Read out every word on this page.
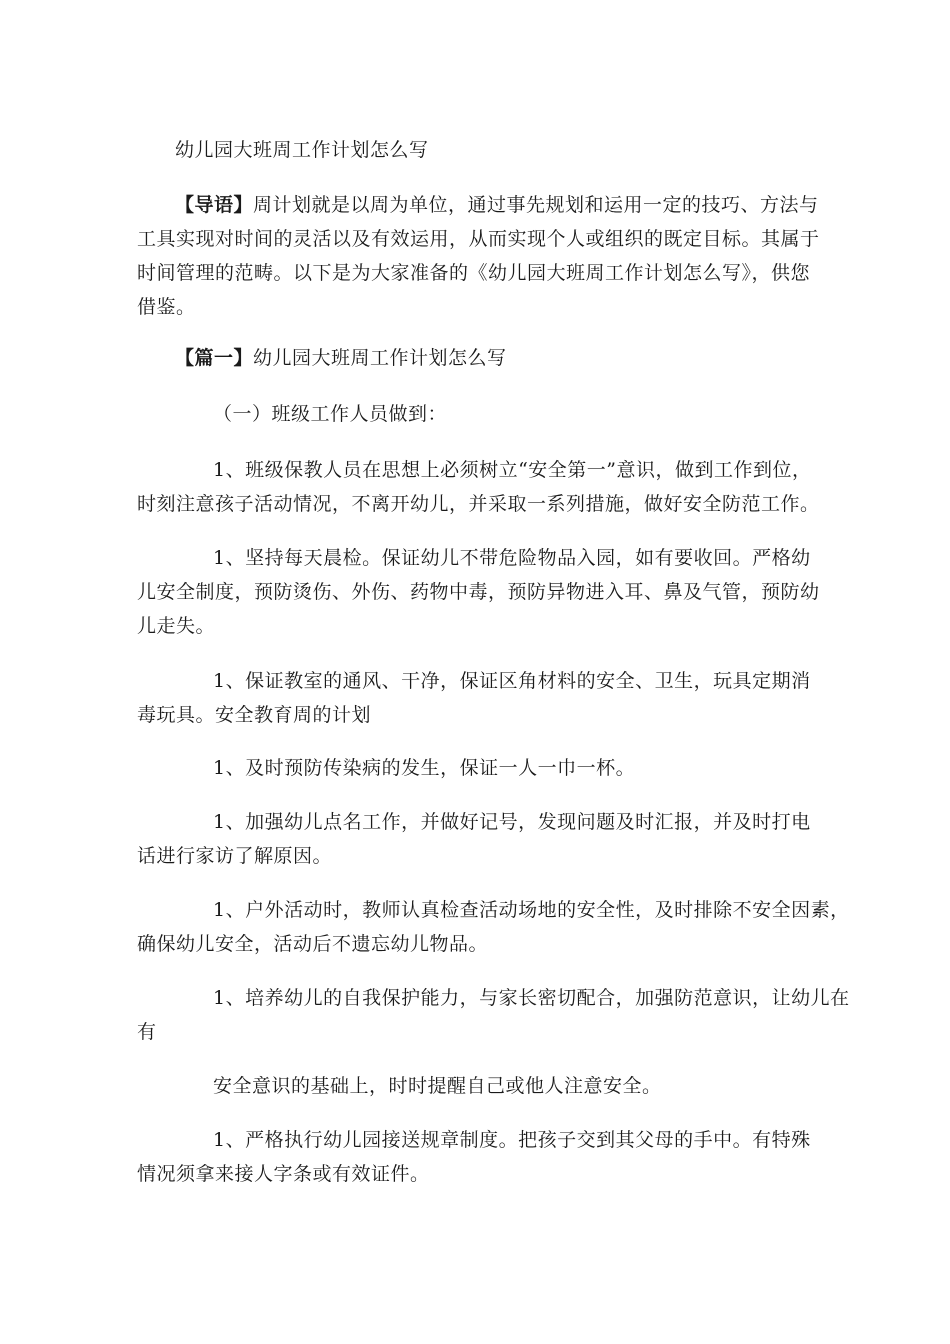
幼儿园大班周工作计划怎么写
【导语】周计划就是以周为单位，通过事先规划和运用一定的技巧、方法与
工具实现对时间的灵活以及有效运用，从而实现个人或组织的既定目标。其属于
时间管理的范畴。以下是为大家准备的《幼儿园大班周工作计划怎么写》，供您
借鉴。
【篇一】幼儿园大班周工作计划怎么写
（一）班级工作人员做到：
1、班级保教人员在思想上必须树立“安全第一”意识，做到工作到位，
时刻注意孩子活动情况，不离开幼儿，并采取一系列措施，做好安全防范工作。
1、坚持每天晨检。保证幼儿不带危险物品入园，如有要收回。严格幼
儿安全制度，预防烫伤、外伤、药物中毒，预防异物进入耳、鼻及气管，预防幼
儿走失。
1、保证教室的通风、干净，保证区角材料的安全、卫生，玩具定期消
毒玩具。安全教育周的计划
1、及时预防传染病的发生，保证一人一巾一杯。
1、加强幼儿点名工作，并做好记号，发现问题及时汇报，并及时打电
话进行家访了解原因。
1、户外活动时，教师认真检查活动场地的安全性，及时排除不安全因素，
确保幼儿安全，活动后不遗忘幼儿物品。
1、培养幼儿的自我保护能力，与家长密切配合，加强防范意识，让幼儿在
有
安全意识的基础上，时时提醒自己或他人注意安全。
1、严格执行幼儿园接送规章制度。把孩子交到其父母的手中。有特殊
情况须拿来接人字条或有效证件。
